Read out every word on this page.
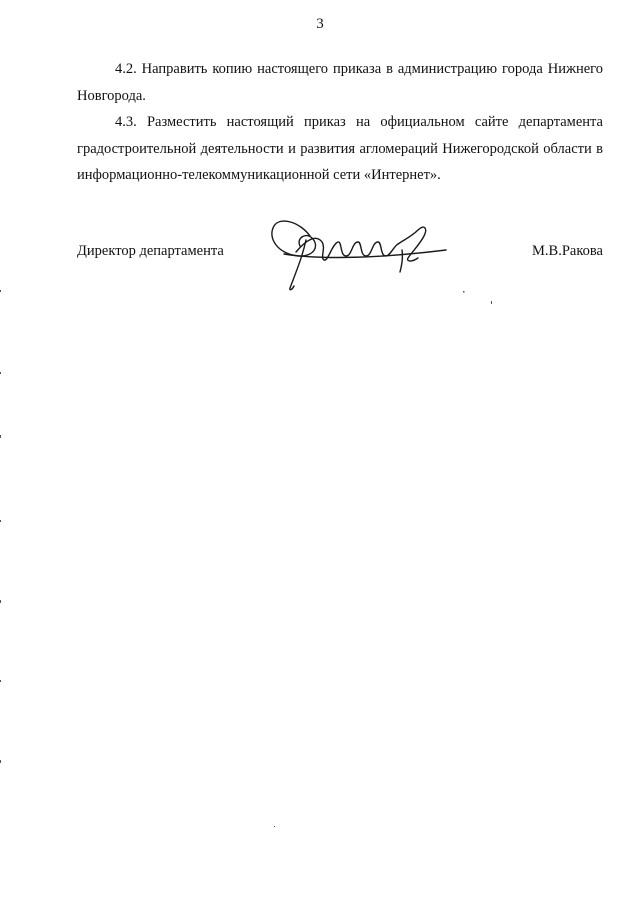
3

4.2. Направить копию настоящего приказа в администрацию города Нижнего Новгорода.

4.3. Разместить настоящий приказ на официальном сайте департамента градостроительной деятельности и развития агломераций Нижегородской области в информационно-телекоммуникационной сети «Интернет».

Директор департамента	М.В.Ракова
